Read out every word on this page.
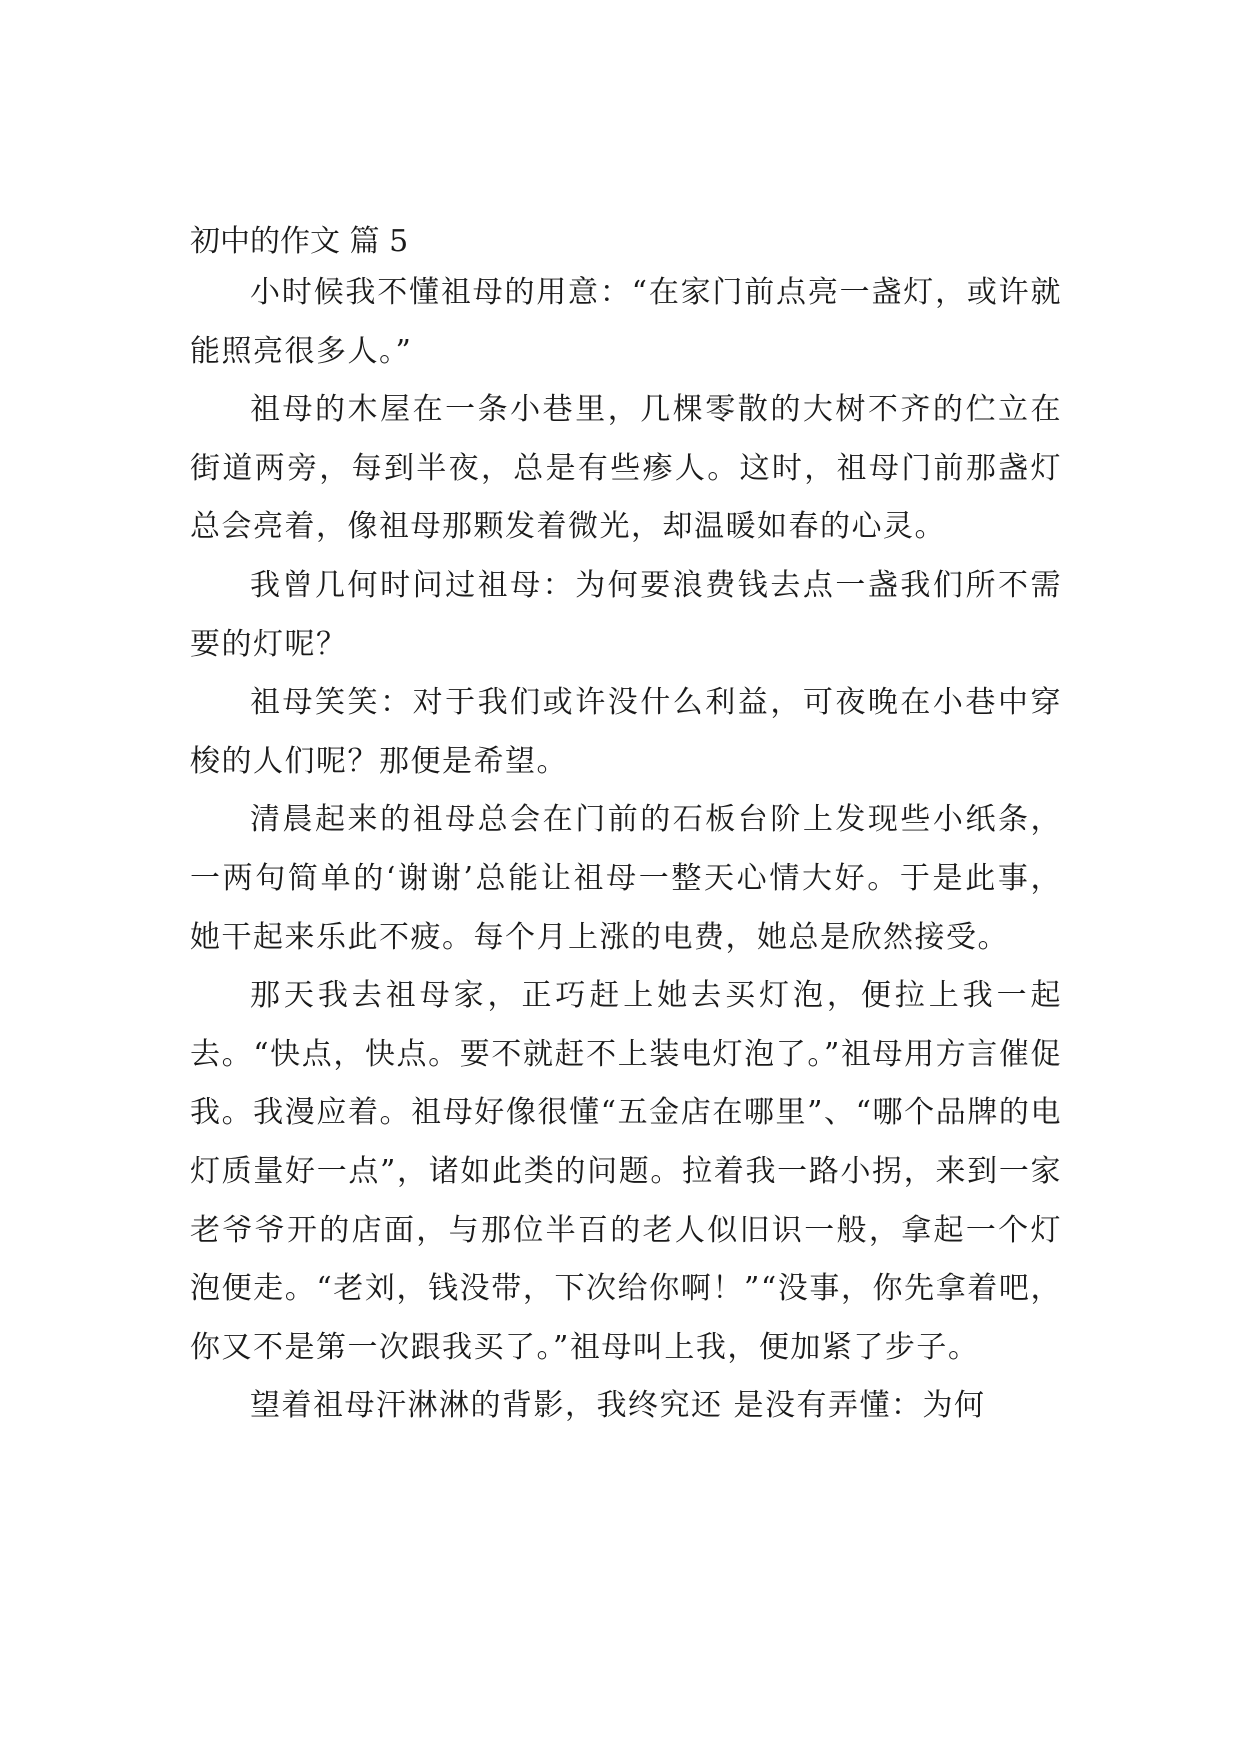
初中的作文 篇 5

小时候我不懂祖母的用意：“在家门前点亮一盏灯，或许就能照亮很多人。”

祖母的木屋在一条小巷里，几棵零散的大树不齐的伫立在街道两旁，每到半夜，总是有些瘆人。这时，祖母门前那盏灯总会亮着，像祖母那颗发着微光，却温暖如春的心灵。

我曾几何时问过祖母：为何要浪费钱去点一盏我们所不需要的灯呢？

祖母笑笑：对于我们或许没什么利益，可夜晚在小巷中穿梭的人们呢？那便是希望。

清晨起来的祖母总会在门前的石板台阶上发现些小纸条，一两句简单的‘谢谢’总能让祖母一整天心情大好。于是此事，她干起来乐此不疲。每个月上涨的电费，她总是欣然接受。

那天我去祖母家，正巧赶上她去买灯泡，便拉上我一起去。“快点，快点。要不就赶不上装电灯泡了。”祖母用方言催促我。我漫应着。祖母好像很懂“五金店在哪里”、“哪个品牌的电灯质量好一点”，诸如此类的问题。拉着我一路小拐，来到一家老爷爷开的店面，与那位半百的老人似旧识一般，拿起一个灯泡便走。“老刘，钱没带，下次给你啊！”“没事，你先拿着吧，你又不是第一次跟我买了。”祖母叫上我，便加紧了步子。

望着祖母汗淋淋的背影，我终究还 是没有弄懂：为何
